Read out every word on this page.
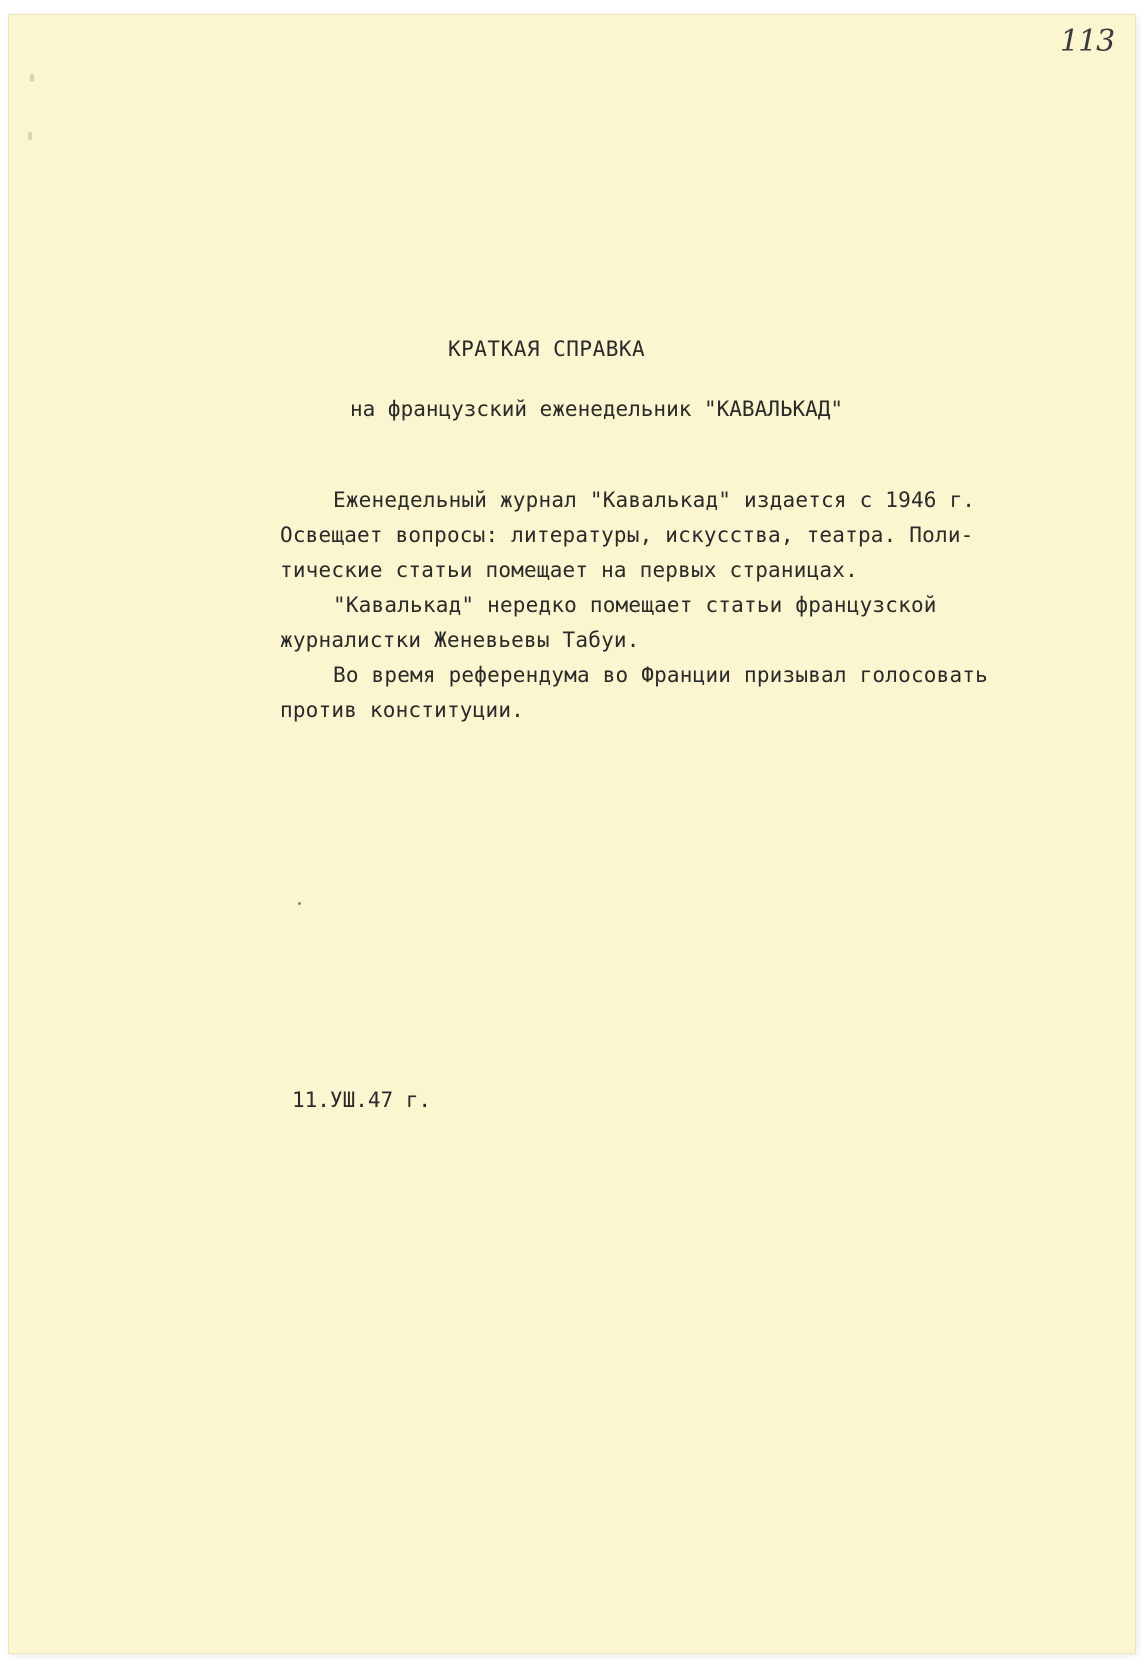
113
КРАТКАЯ СПРАВКА
на французский еженедельник "КАВАЛЬКАД"
Еженедельный журнал "Кавалькад" издается с 1946 г.
Освещает вопросы: литературы, искусства, театра. Поли-
тические статьи помещает на первых страницах.
"Кавалькад" нередко помещает статьи французской
журналистки Женевьевы Табуи.
Во время референдума во Франции призывал голосовать
против конституции.
11.УШ.47 г.
